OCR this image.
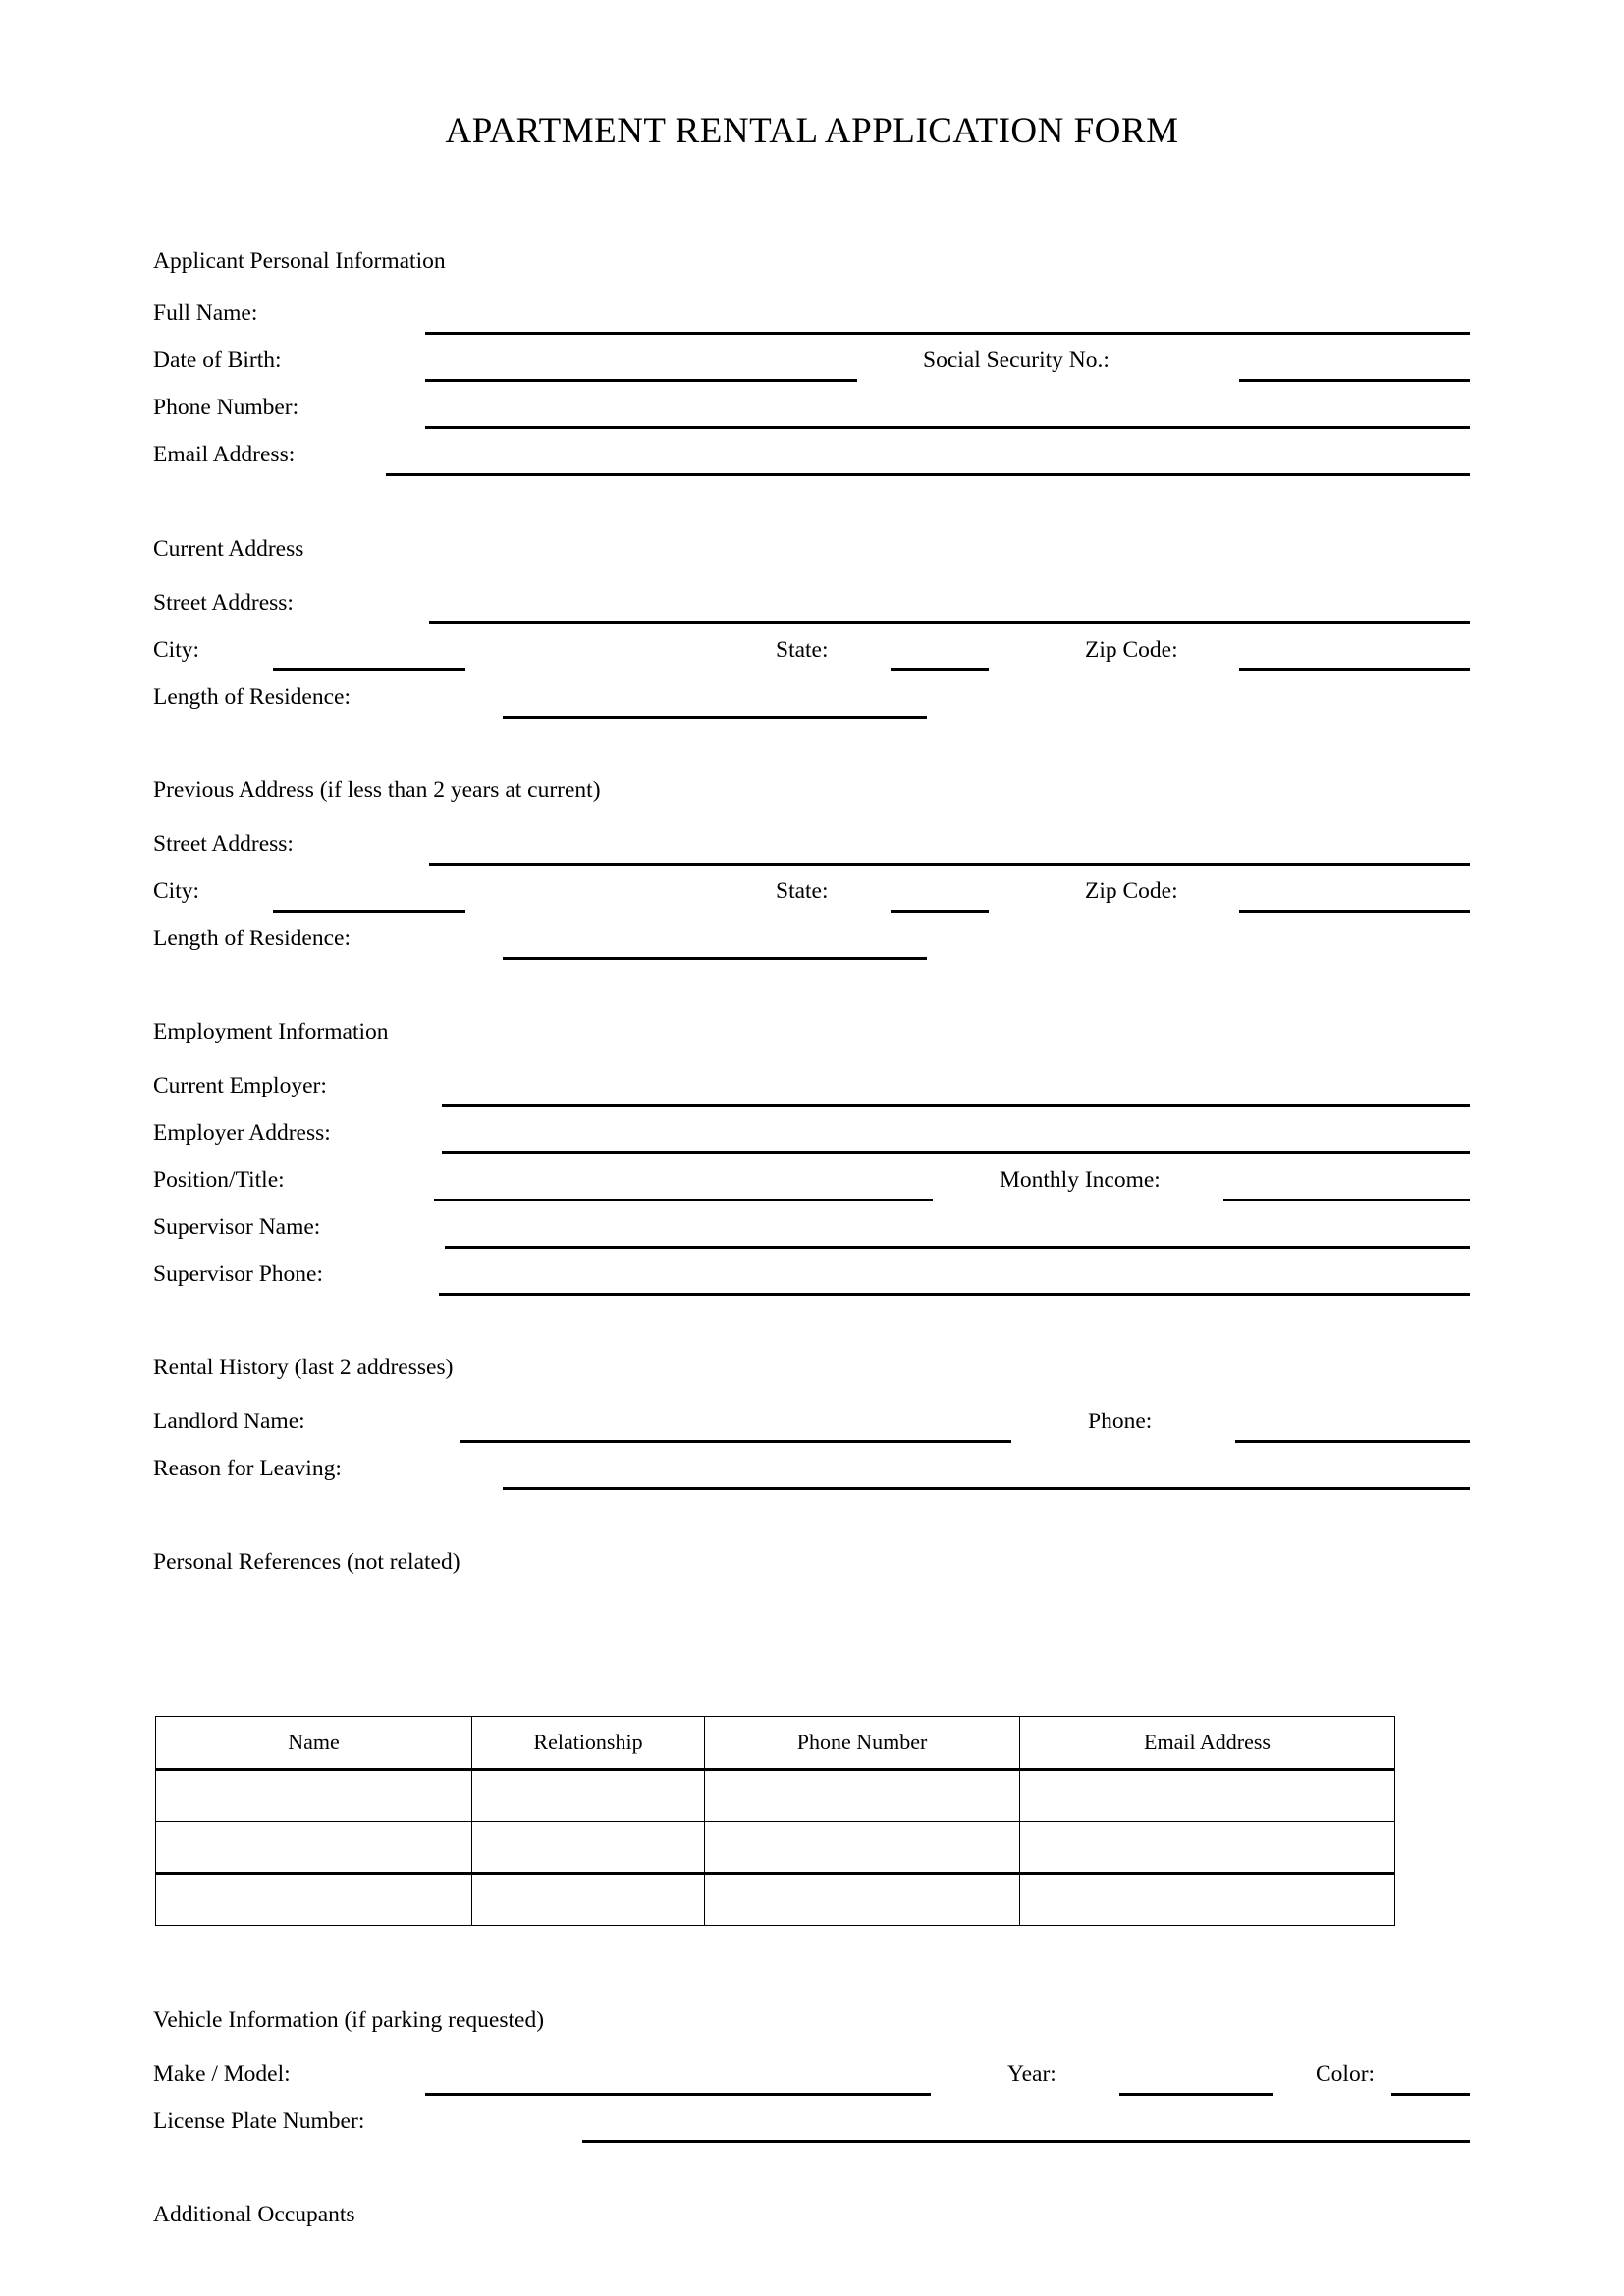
APARTMENT RENTAL APPLICATION FORM
Applicant Personal Information
Full Name:
Date of Birth:	Social Security No.:
Phone Number:
Email Address:
Current Address
Street Address:
City:	State:	Zip Code:
Length of Residence:
Previous Address (if less than 2 years at current)
Street Address:
City:	State:	Zip Code:
Length of Residence:
Employment Information
Current Employer:
Employer Address:
Position/Title:	Monthly Income:
Supervisor Name:
Supervisor Phone:
Rental History (last 2 addresses)
Landlord Name:	Phone:
Reason for Leaving:
Personal References (not related)
Name	Relationship	Phone Number	Email Address

Vehicle Information (if parking requested)
Make / Model:	Year:	Color:
License Plate Number:
Additional Occupants
